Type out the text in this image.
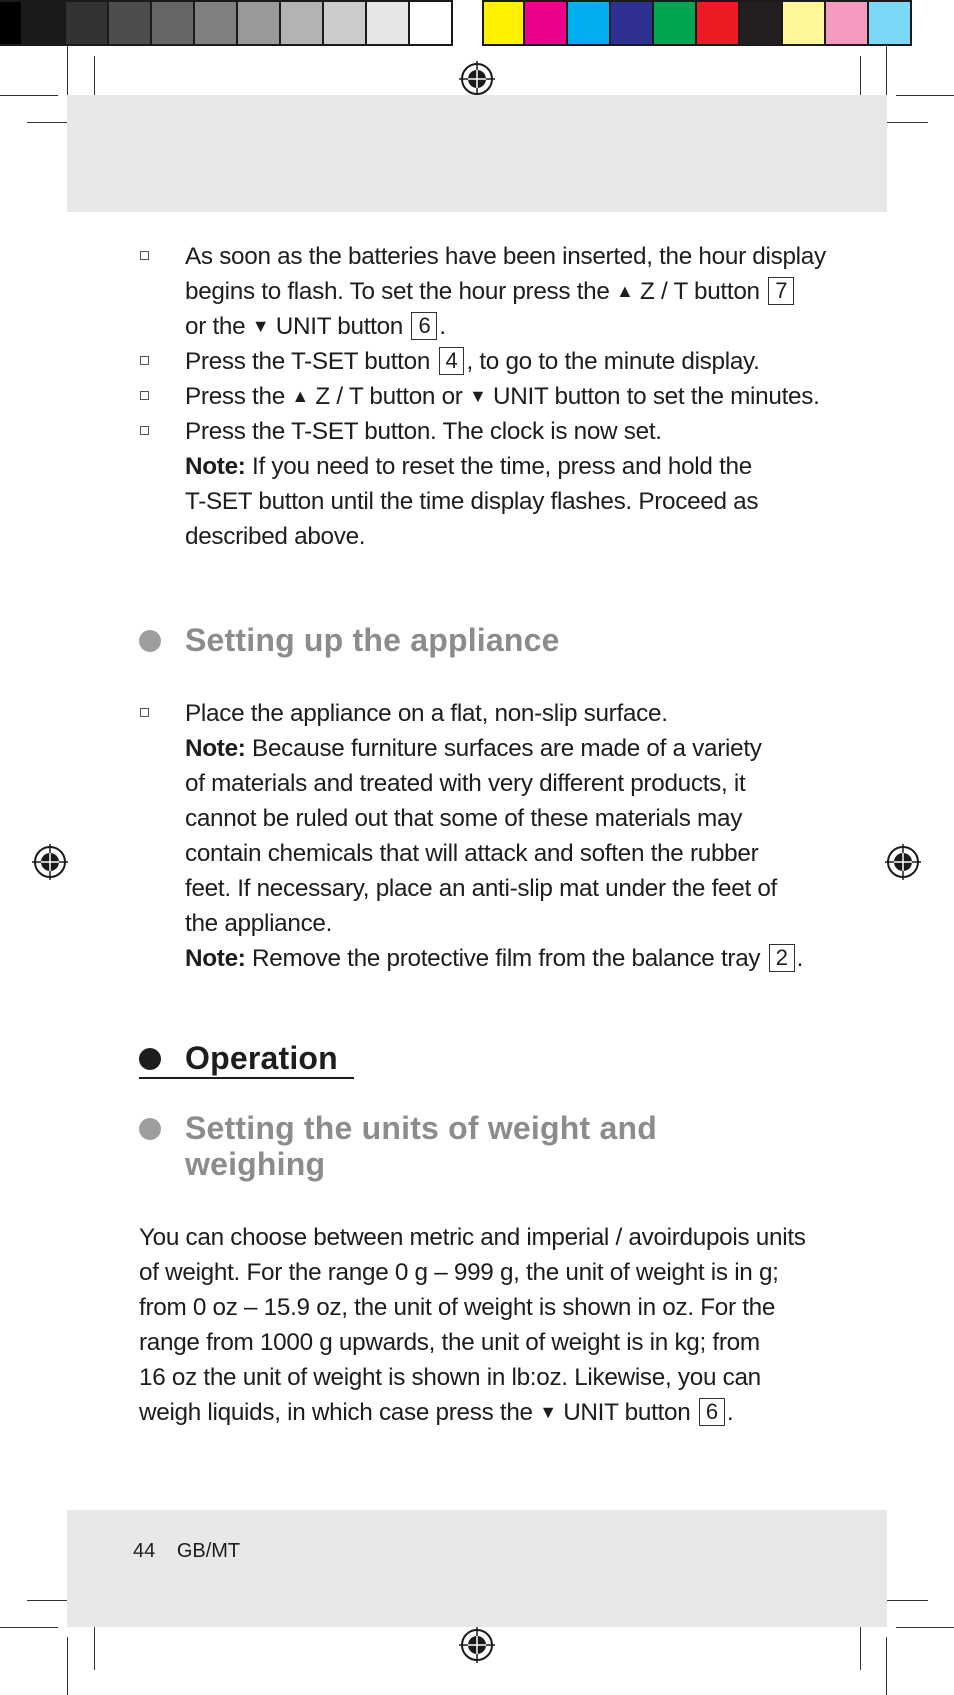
As soon as the batteries have been inserted, the hour display
begins to flash. To set the hour press the ▲ Z / T button 7
or the ▼ UNIT button 6 .
Press the T-SET button 4 , to go to the minute display.
Press the ▲ Z / T button or ▼ UNIT button to set the minutes.
Press the T-SET button. The clock is now set.
Note: If you need to reset the time, press and hold the
T-SET button until the time display flashes. Proceed as
described above.
Setting up the appliance
Place the appliance on a flat, non-slip surface.
Note: Because furniture surfaces are made of a variety
of materials and treated with very different products, it
cannot be ruled out that some of these materials may
contain chemicals that will attack and soften the rubber
feet. If necessary, place an anti-slip mat under the feet of
the appliance.
Note: Remove the protective film from the balance tray 2 .
Operation
Setting the units of weight and
weighing
You can choose between metric and imperial / avoirdupois units
of weight. For the range 0 g – 999 g, the unit of weight is in g;
from 0 oz – 15.9 oz, the unit of weight is shown in oz. For the
range from 1000 g upwards, the unit of weight is in kg; from
16 oz the unit of weight is shown in lb:oz. Likewise, you can
weigh liquids, in which case press the ▼ UNIT button 6 .
44 GB/MT
